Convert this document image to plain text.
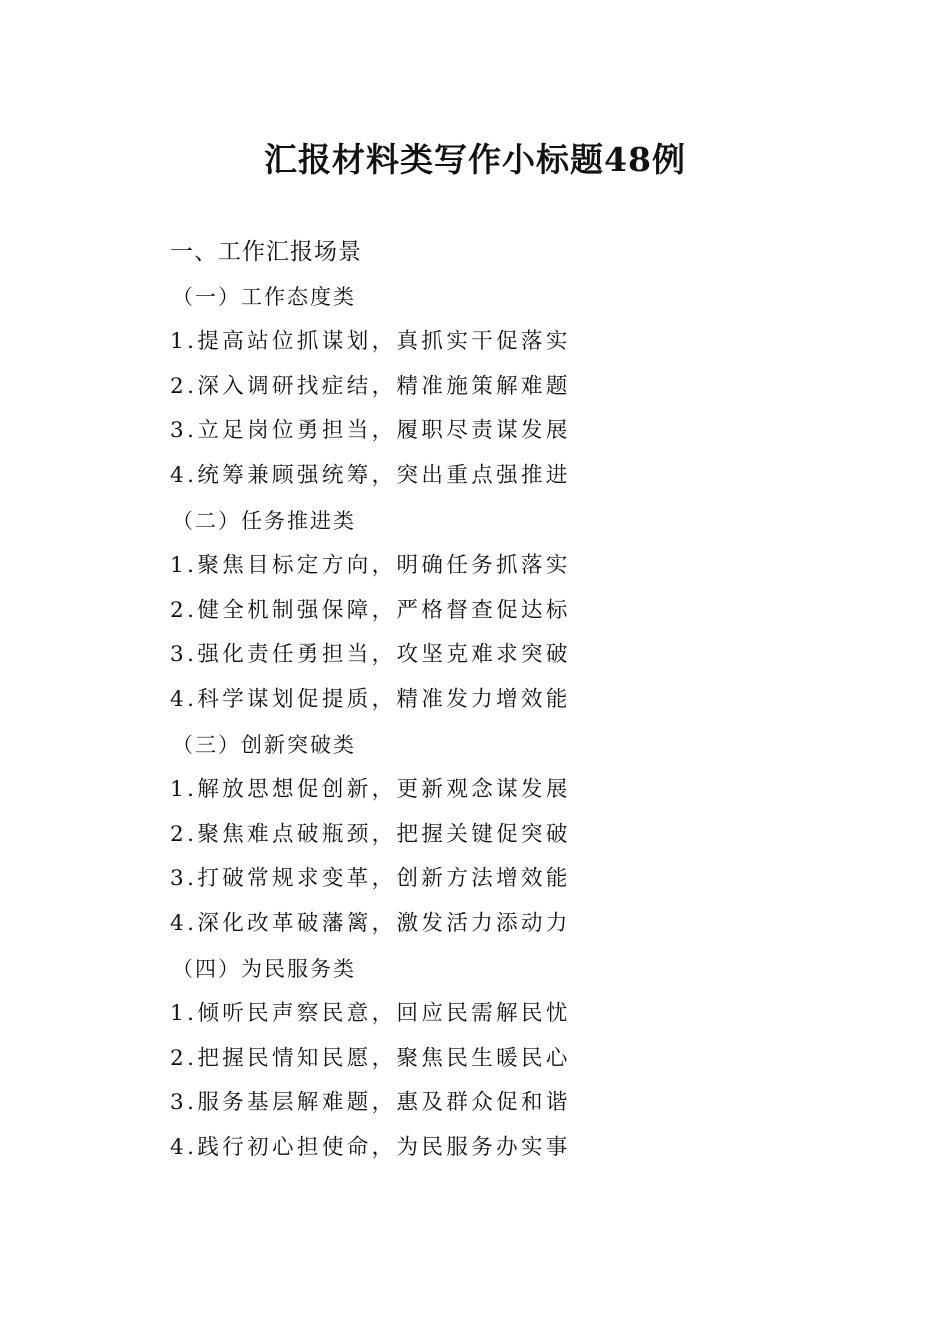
汇报材料类写作小标题48例
一、工作汇报场景
（一）工作态度类
1.提高站位抓谋划，真抓实干促落实
2.深入调研找症结，精准施策解难题
3.立足岗位勇担当，履职尽责谋发展
4.统筹兼顾强统筹，突出重点强推进
（二）任务推进类
1.聚焦目标定方向，明确任务抓落实
2.健全机制强保障，严格督查促达标
3.强化责任勇担当，攻坚克难求突破
4.科学谋划促提质，精准发力增效能
（三）创新突破类
1.解放思想促创新，更新观念谋发展
2.聚焦难点破瓶颈，把握关键促突破
3.打破常规求变革，创新方法增效能
4.深化改革破藩篱，激发活力添动力
（四）为民服务类
1.倾听民声察民意，回应民需解民忧
2.把握民情知民愿，聚焦民生暖民心
3.服务基层解难题，惠及群众促和谐
4.践行初心担使命，为民服务办实事
